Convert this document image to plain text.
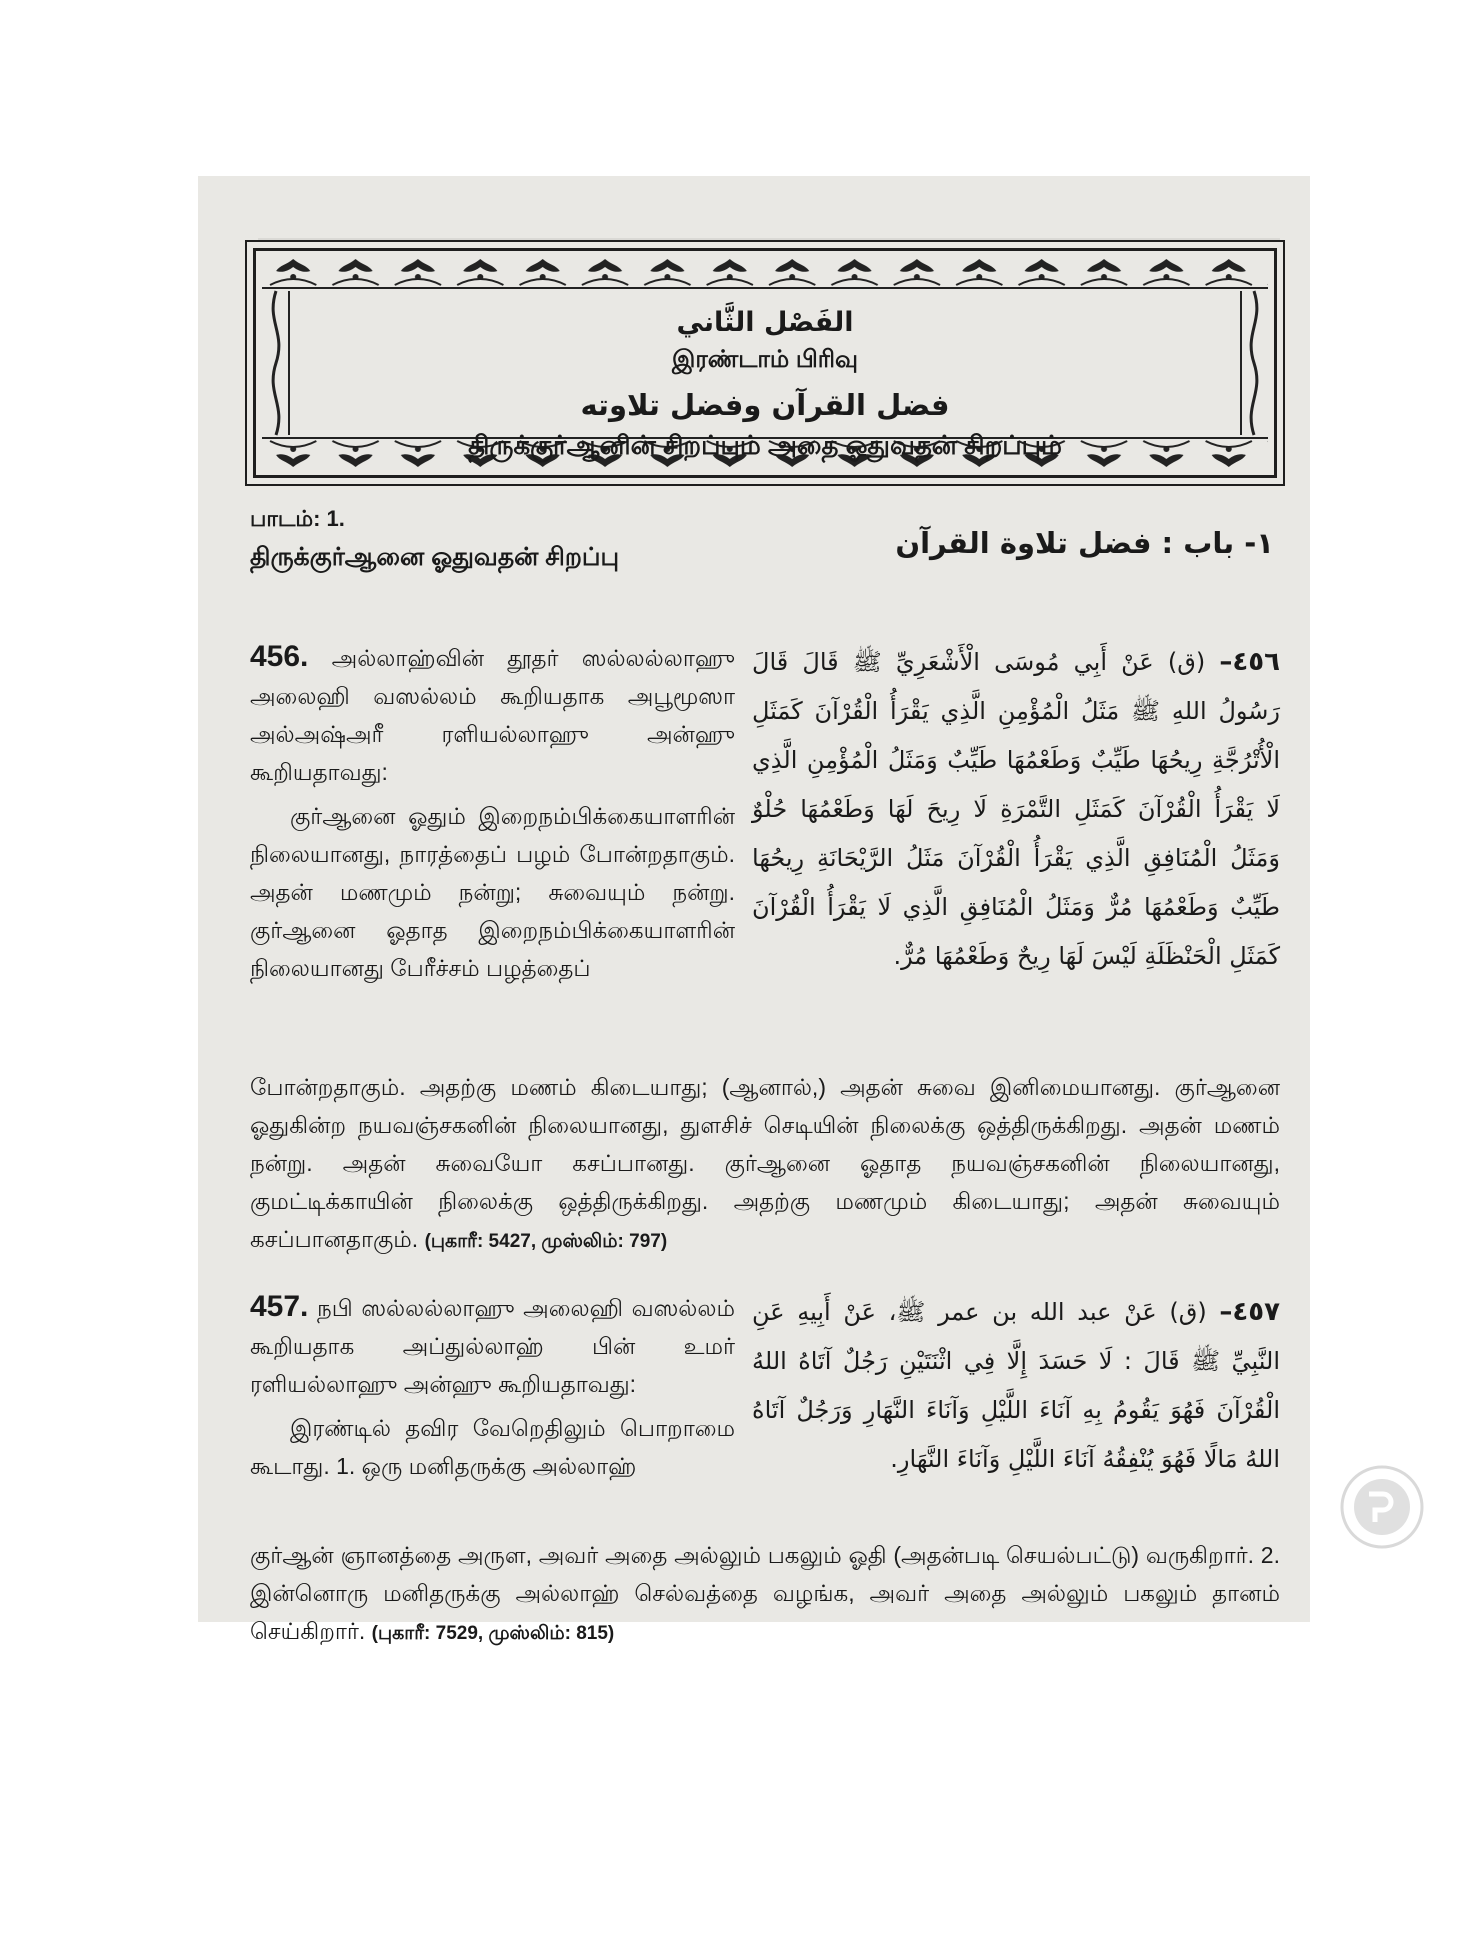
الفَصْل الثَّاني
இரண்டாம் பிரிவு
فضل القرآن وفضل تلاوته
திருக்குர்ஆனின் சிறப்பும் அதை ஓதுவதன் சிறப்பும்
பாடம்: 1.
திருக்குர்ஆனை ஓதுவதன் சிறப்பு	١- باب : فضل تلاوة القرآن

456. அல்லாஹ்வின் தூதர் ஸல்லல்லாஹு அலைஹி வஸல்லம் கூறியதாக அபூமூஸா அல்அஷ்அரீ ரளியல்லாஹு அன்ஹு கூறியதாவது:

குர்ஆனை ஓதும் இறைநம்பிக்கையாளரின் நிலையானது, நாரத்தைப் பழம் போன்றதாகும். அதன் மணமும் நன்று; சுவையும் நன்று. குர்ஆனை ஓதாத இறைநம்பிக்கையாளரின் நிலையானது பேரீச்சம் பழத்தைப்

٤٥٦– (ق) عَنْ أَبِي مُوسَى الْأَشْعَرِيِّ ﷺ قَالَ قَالَ رَسُولُ اللهِ ﷺ مَثَلُ الْمُؤْمِنِ الَّذِي يَقْرَأُ الْقُرْآنَ كَمَثَلِ الْأُتْرُجَّةِ رِيحُهَا طَيِّبٌ وَطَعْمُهَا طَيِّبٌ وَمَثَلُ الْمُؤْمِنِ الَّذِي لَا يَقْرَأُ الْقُرْآنَ كَمَثَلِ التَّمْرَةِ لَا رِيحَ لَهَا وَطَعْمُهَا حُلْوٌ وَمَثَلُ الْمُنَافِقِ الَّذِي يَقْرَأُ الْقُرْآنَ مَثَلُ الرَّيْحَانَةِ رِيحُهَا طَيِّبٌ وَطَعْمُهَا مُرٌّ وَمَثَلُ الْمُنَافِقِ الَّذِي لَا يَقْرَأُ الْقُرْآنَ كَمَثَلِ الْحَنْظَلَةِ لَيْسَ لَهَا رِيحٌ وَطَعْمُهَا مُرٌّ.
போன்றதாகும். அதற்கு மணம் கிடையாது; (ஆனால்,) அதன் சுவை இனிமையானது. குர்ஆனை ஓதுகின்ற நயவஞ்சகனின் நிலையானது, துளசிச் செடியின் நிலைக்கு ஒத்திருக்கிறது. அதன் மணம் நன்று. அதன் சுவையோ கசப்பானது. குர்ஆனை ஓதாத நயவஞ்சகனின் நிலையானது, குமட்டிக்காயின் நிலைக்கு ஒத்திருக்கிறது. அதற்கு மணமும் கிடையாது; அதன் சுவையும் கசப்பானதாகும். (புகாரீ: 5427, முஸ்லிம்: 797)

457. நபி ஸல்லல்லாஹு அலைஹி வஸல்லம் கூறியதாக அப்துல்லாஹ் பின் உமர் ரளியல்லாஹு அன்ஹு கூறியதாவது:

இரண்டில் தவிர வேறெதிலும் பொறாமை கூடாது. 1. ஒரு மனிதருக்கு அல்லாஹ்

٤٥٧– (ق) عَنْ عبد الله بن عمر ﷺ، عَنْ أَبِيهِ عَنِ النَّبِيِّ ﷺ قَالَ : لَا حَسَدَ إِلَّا فِي اثْنَتَيْنِ رَجُلٌ آتَاهُ اللهُ الْقُرْآنَ فَهُوَ يَقُومُ بِهِ آنَاءَ اللَّيْلِ وَآنَاءَ النَّهَارِ وَرَجُلٌ آتَاهُ اللهُ مَالًا فَهُوَ يُنْفِقُهُ آنَاءَ اللَّيْلِ وَآنَاءَ النَّهَارِ.
குர்ஆன் ஞானத்தை அருள, அவர் அதை அல்லும் பகலும் ஓதி (அதன்படி செயல்பட்டு) வருகிறார். 2. இன்னொரு மனிதருக்கு அல்லாஹ் செல்வத்தை வழங்க, அவர் அதை அல்லும் பகலும் தானம் செய்கிறார். (புகாரீ: 7529, முஸ்லிம்: 815)
